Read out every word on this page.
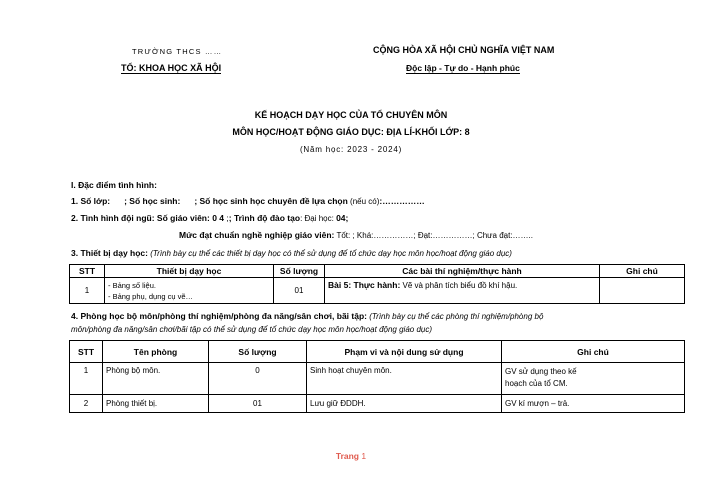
TRƯỜNG THCS ……
TỔ: KHOA HỌC XÃ HỘI
CỘNG HÒA XÃ HỘI CHỦ NGHĨA VIỆT NAM
Độc lập - Tự do - Hạnh phúc
KẾ HOẠCH DẠY HỌC CỦA TỔ CHUYÊN MÔN
MÔN HỌC/HOẠT ĐỘNG GIÁO DỤC: ĐỊA LÍ-KHỐI LỚP: 8
(Năm học: 2023 - 2024)
I. Đặc điểm tình hình:
1. Số lớp: ; Số học sinh: ; Số học sinh học chuyên đề lựa chọn (nếu có):……………
2. Tình hình đội ngũ: Số giáo viên: 0 4 ;; Trình độ đào tạo: Đại học: 04;
Mức đạt chuẩn nghề nghiệp giáo viên: Tốt: ; Khá:……………; Đạt:……………; Chưa đạt:……..
3. Thiết bị dạy học: (Trình bày cụ thể các thiết bị dạy học có thể sử dụng để tổ chức dạy học môn học/hoạt động giáo dục)
STT	Thiết bị dạy học	Số lượng	Các bài thí nghiệm/thực hành	Ghi chú
1	- Bảng số liệu.
- Bảng phụ, dụng cụ vẽ…	01	Bài 5: Thực hành: Vẽ và phân tích biểu đồ khí hậu.	
4. Phòng học bộ môn/phòng thí nghiệm/phòng đa năng/sân chơi, bãi tập: (Trình bày cụ thể các phòng thí nghiệm/phòng bộ
môn/phòng đa năng/sân chơi/bãi tập có thể sử dụng để tổ chức dạy học môn học/hoạt động giáo dục)
STT	Tên phòng	Số lượng	Phạm vi và nội dung sử dụng	Ghi chú
1	Phòng bộ môn.	0	Sinh hoạt chuyên môn.	GV sử dụng theo kế
hoạch của tổ CM.

2	Phòng thiết bị.	01	Lưu giữ ĐDDH.	GV kí mượn – trả.
Trang 1
